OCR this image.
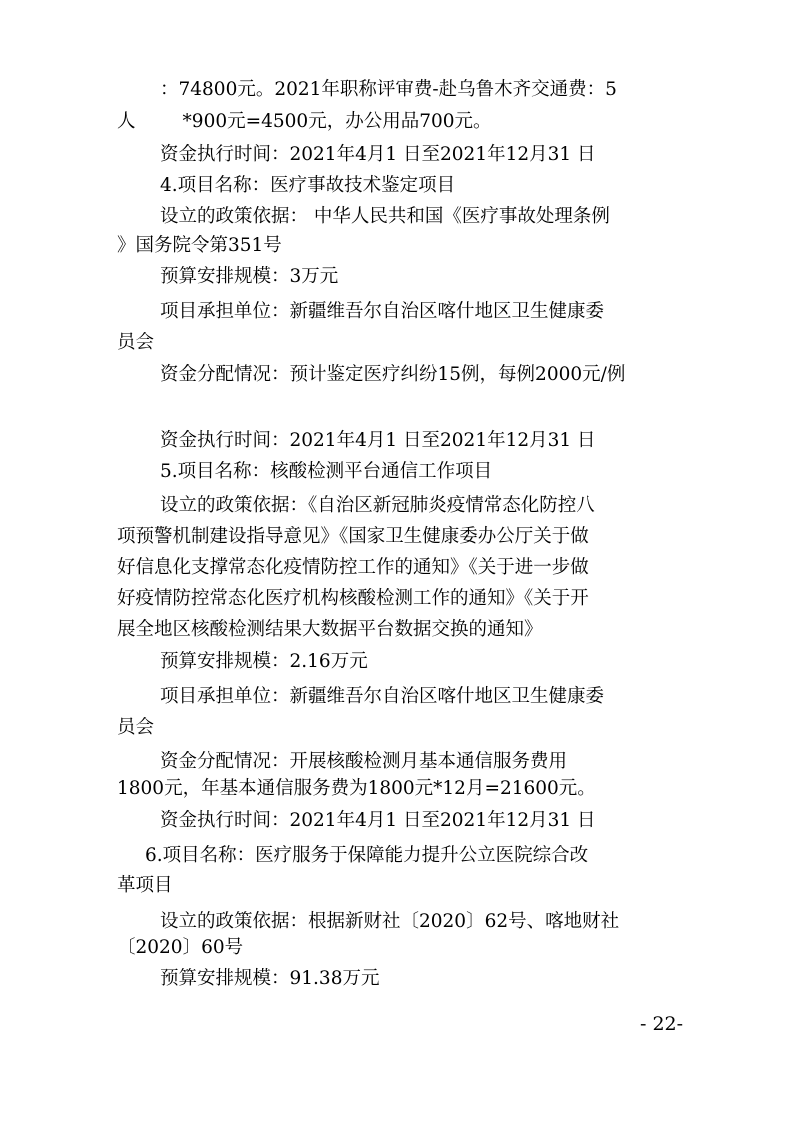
：74800元。2021年职称评审费-赴乌鲁木齐交通费：5
人        *900元=4500元，办公用品700元。
资金执行时间：2021年4月1 日至2021年12月31 日
4.项目名称：医疗事故技术鉴定项目
设立的政策依据： 中华人民共和国《医疗事故处理条例
》国务院令第351号
预算安排规模：3万元
项目承担单位：新疆维吾尔自治区喀什地区卫生健康委
员会
资金分配情况：预计鉴定医疗纠纷15例，每例2000元/例
资金执行时间：2021年4月1 日至2021年12月31 日
5.项目名称：核酸检测平台通信工作项目
设立的政策依据：《自治区新冠肺炎疫情常态化防控八
项预警机制建设指导意见》《国家卫生健康委办公厅关于做
好信息化支撑常态化疫情防控工作的通知》《关于进一步做
好疫情防控常态化医疗机构核酸检测工作的通知》《关于开
展全地区核酸检测结果大数据平台数据交换的通知》
预算安排规模：2.16万元
项目承担单位：新疆维吾尔自治区喀什地区卫生健康委
员会
资金分配情况：开展核酸检测月基本通信服务费用
1800元，年基本通信服务费为1800元*12月=21600元。
资金执行时间：2021年4月1 日至2021年12月31 日
6.项目名称：医疗服务于保障能力提升公立医院综合改
革项目
设立的政策依据：根据新财社〔2020〕62号、喀地财社
〔2020〕60号
预算安排规模：91.38万元
- 22-
